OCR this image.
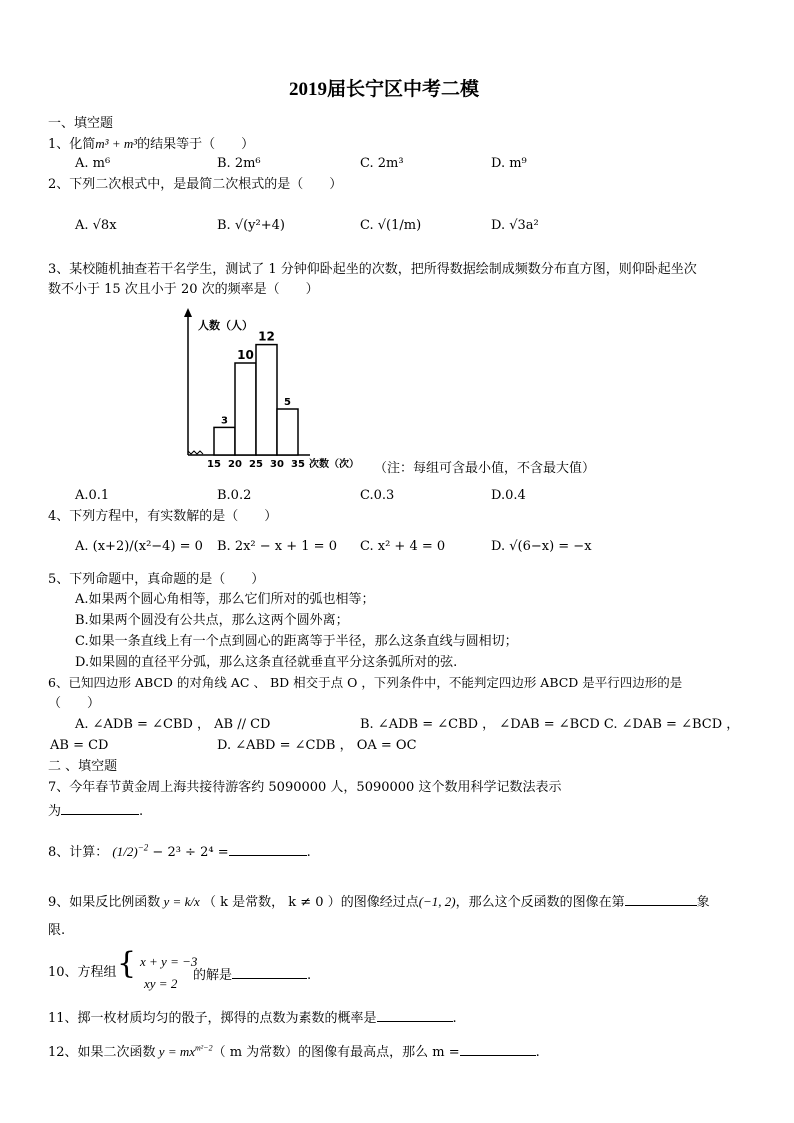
2019届长宁区中考二模
一、填空题
1、化简m³ + m³的结果等于（　　）
A. m⁶	B. 2m⁶	C. 2m³	D. m⁹
2、下列二次根式中，是最简二次根式的是（　　）
A. √8x	B. √(y²+4)	C. √(1/m)	D. √3a²
3、某校随机抽查若干名学生，测试了 1 分钟仰卧起坐的次数，把所得数据绘制成频数分布直方图，则仰卧起坐次
数不小于 15 次且小于 20 次的频率是（　　）
人数（人）
次数（次）
3
10
12
5
15 20 25 30 35	（注：每组可含最小值，不含最大值）
A.0.1	B.0.2	C.0.3	D.0.4
4、下列方程中，有实数解的是（　　）
A. (x+2)/(x²−4) = 0 B. 2x² − x + 1 = 0 C. x² + 4 = 0	D. √(6−x) = −x
5、下列命题中，真命题的是（　　）
A.如果两个圆心角相等，那么它们所对的弧也相等；
B.如果两个圆没有公共点，那么这两个圆外离；
C.如果一条直线上有一个点到圆心的距离等于半径，那么这条直线与圆相切；
D.如果圆的直径平分弧，那么这条直径就垂直平分这条弧所对的弦.
6、已知四边形 ABCD 的对角线 AC 、 BD 相交于点 O ，下列条件中，不能判定四边形 ABCD 是平行四边形的是
（　　）
A. ∠ADB = ∠CBD ， AB // CD	B. ∠ADB = ∠CBD ， ∠DAB = ∠BCD C. ∠DAB = ∠BCD ，
AB = CD	D. ∠ABD = ∠CDB ， OA = OC
二 、填空题
7、今年春节黄金周上海共接待游客约 5090000 人，5090000 这个数用科学记数法表示
为	.
8、计算： $(1/2)^{-2} - 2^3 \div 2^4$ =	.
9、如果反比例函数 y = k/x （ k 是常数， k ≠ 0 ）的图像经过点(−1, 2)，那么这个反函数的图像在第	象
限.
10、方程组 { x + y = −3
xy = 2
的解是	.
11、掷一枚材质均匀的骰子，掷得的点数为素数的概率是	.
12、如果二次函数 $y = mx^{m^2-2}$（ m 为常数）的图像有最高点，那么 m =	.
